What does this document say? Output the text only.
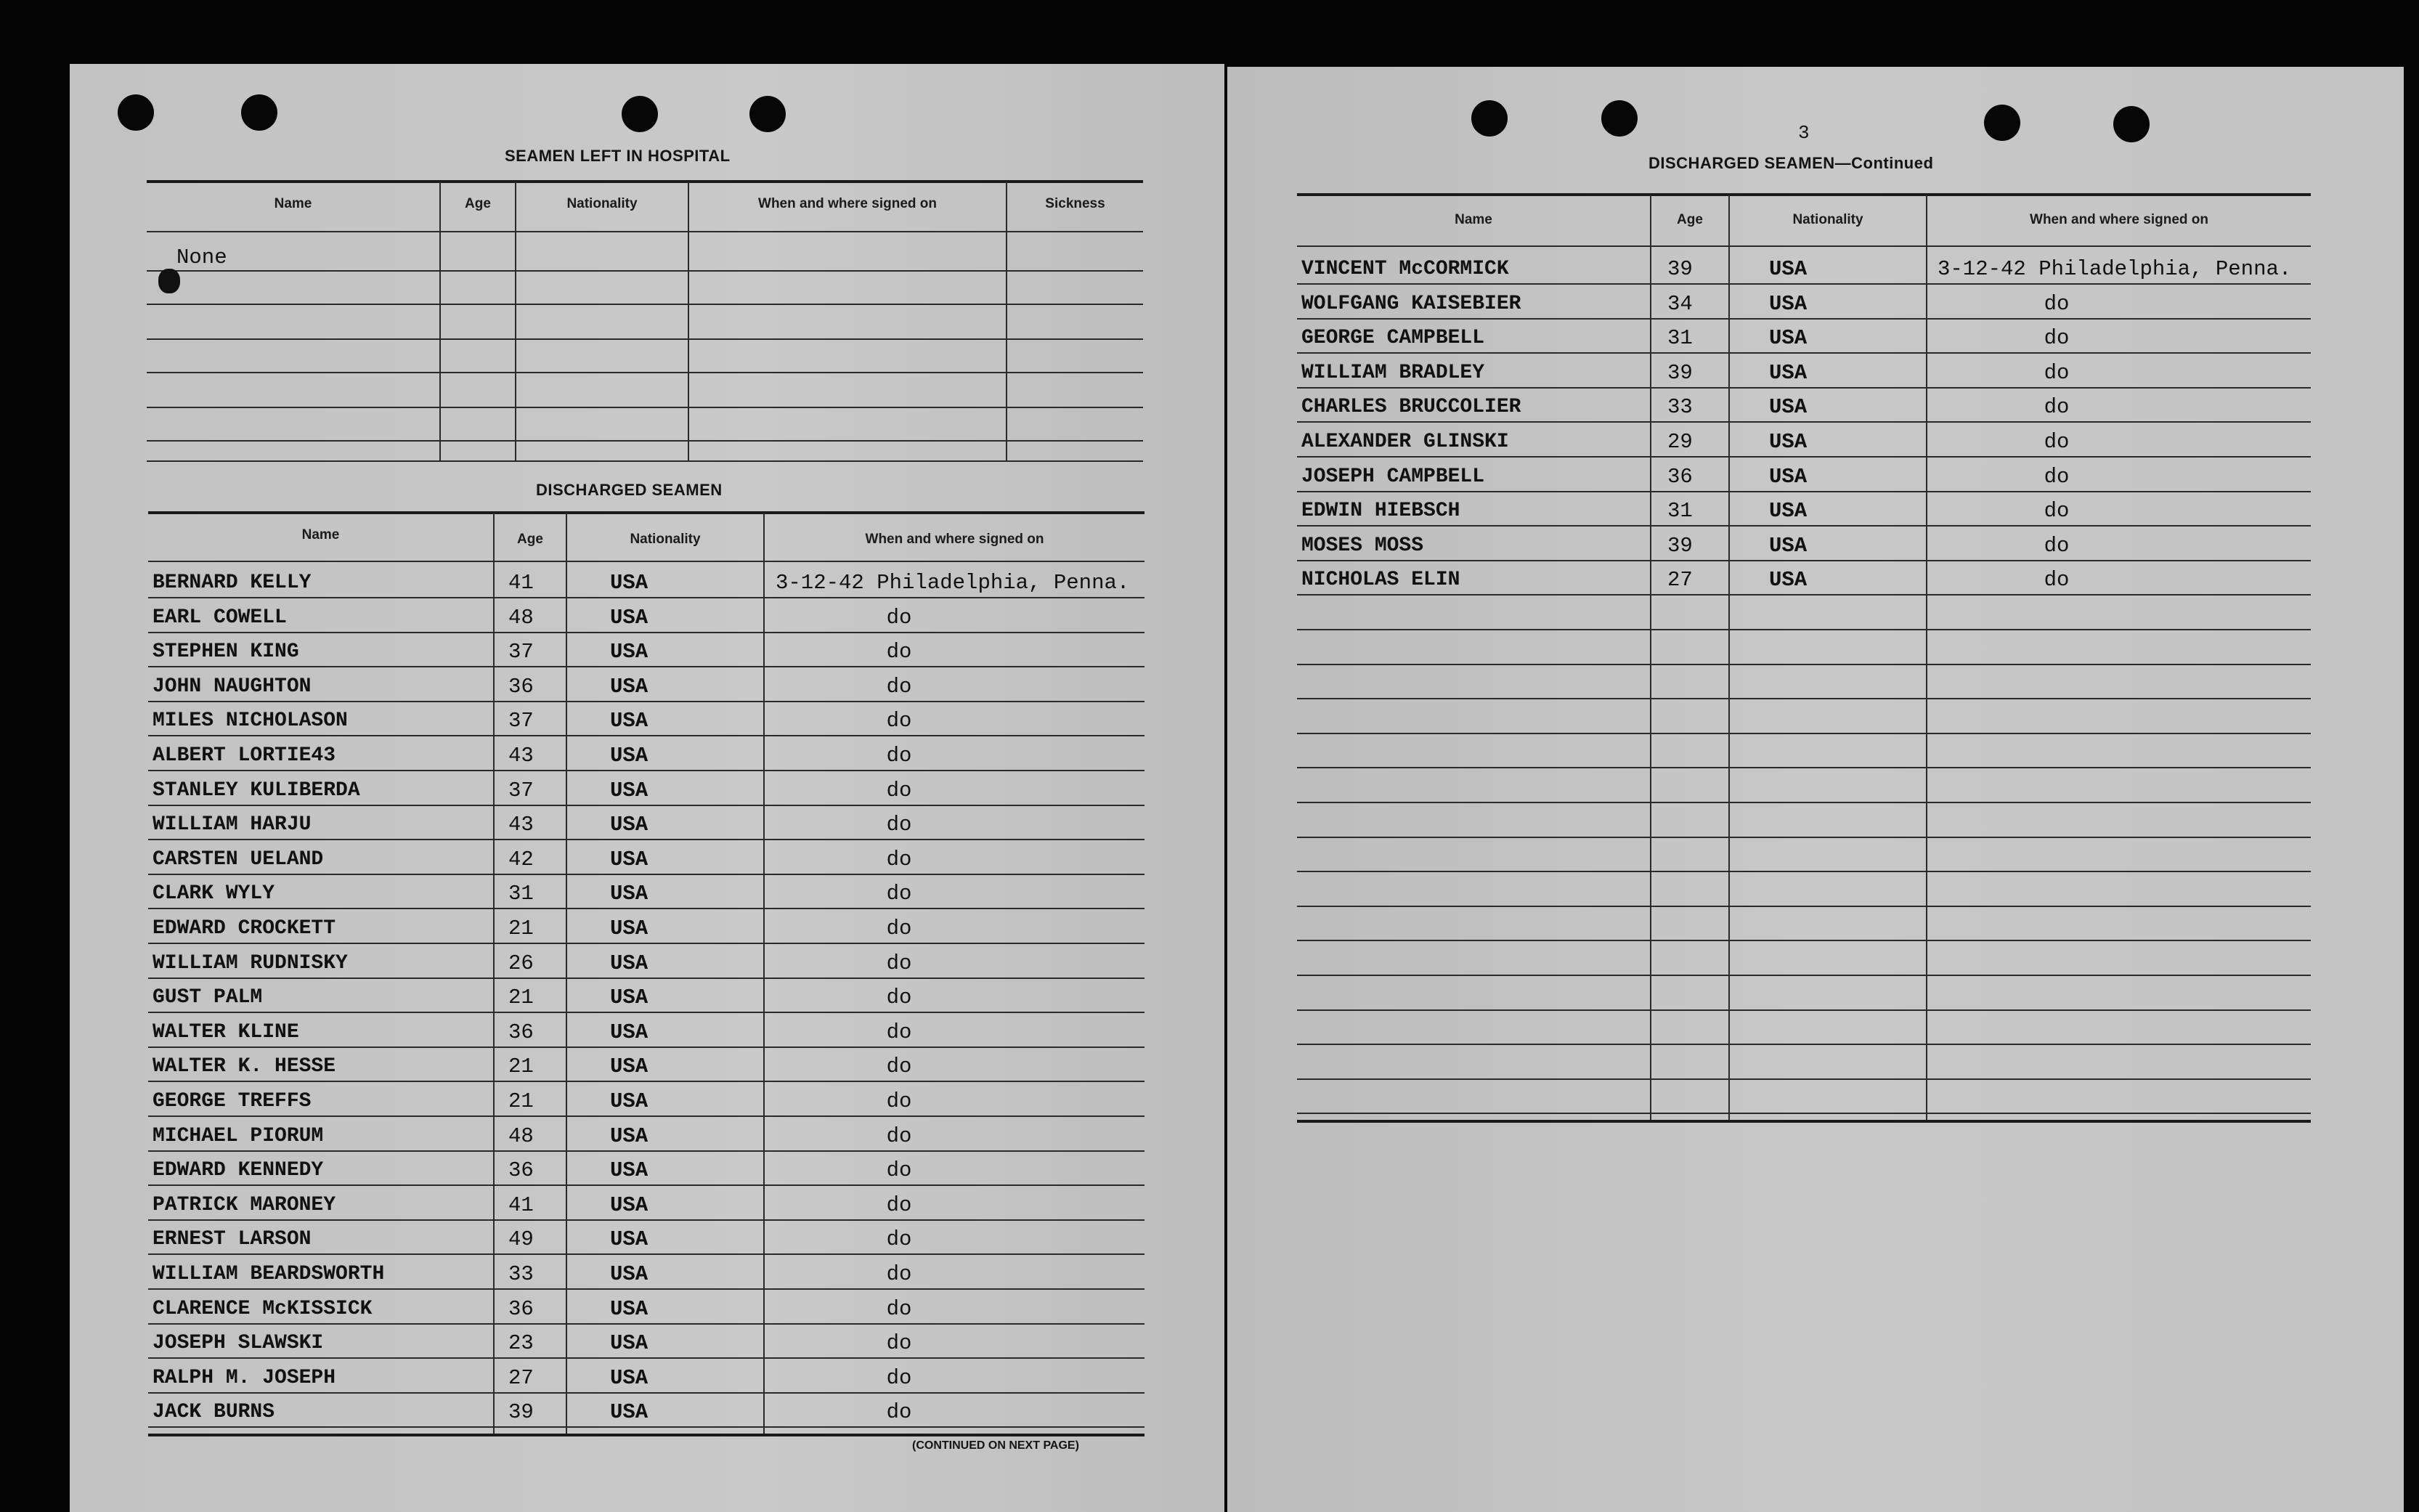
SEAMEN LEFT IN HOSPITAL
Name	Age	Nationality	When and where signed on	Sickness
None
DISCHARGED SEAMEN
Name	Age	Nationality	When and where signed on
BERNARD KELLY	41	USA	3-12-42 Philadelphia, Penna.
EARL COWELL	48	USA	do
STEPHEN KING	37	USA	do
JOHN NAUGHTON	36	USA	do
MILES NICHOLASON	37	USA	do
ALBERT LORTIE43	43	USA	do
STANLEY KULIBERDA	37	USA	do
WILLIAM HARJU	43	USA	do
CARSTEN UELAND	42	USA	do
CLARK WYLY	31	USA	do
EDWARD CROCKETT	21	USA	do
WILLIAM RUDNISKY	26	USA	do
GUST PALM	21	USA	do
WALTER KLINE	36	USA	do
WALTER K. HESSE	21	USA	do
GEORGE TREFFS	21	USA	do
MICHAEL PIORUM	48	USA	do
EDWARD KENNEDY	36	USA	do
PATRICK MARONEY	41	USA	do
ERNEST LARSON	49	USA	do
WILLIAM BEARDSWORTH	33	USA	do
CLARENCE McKISSICK	36	USA	do
JOSEPH SLAWSKI	23	USA	do
RALPH M. JOSEPH	27	USA	do
JACK BURNS	39	USA	do
(CONTINUED ON NEXT PAGE)
3
DISCHARGED SEAMEN—Continued
Name	Age	Nationality	When and where signed on
VINCENT McCORMICK	39	USA	3-12-42 Philadelphia, Penna.
WOLFGANG KAISEBIER	34	USA	do
GEORGE CAMPBELL	31	USA	do
WILLIAM BRADLEY	39	USA	do
CHARLES BRUCCOLIER	33	USA	do
ALEXANDER GLINSKI	29	USA	do
JOSEPH CAMPBELL	36	USA	do
EDWIN HIEBSCH	31	USA	do
MOSES MOSS	39	USA	do
NICHOLAS ELIN	27	USA	do
